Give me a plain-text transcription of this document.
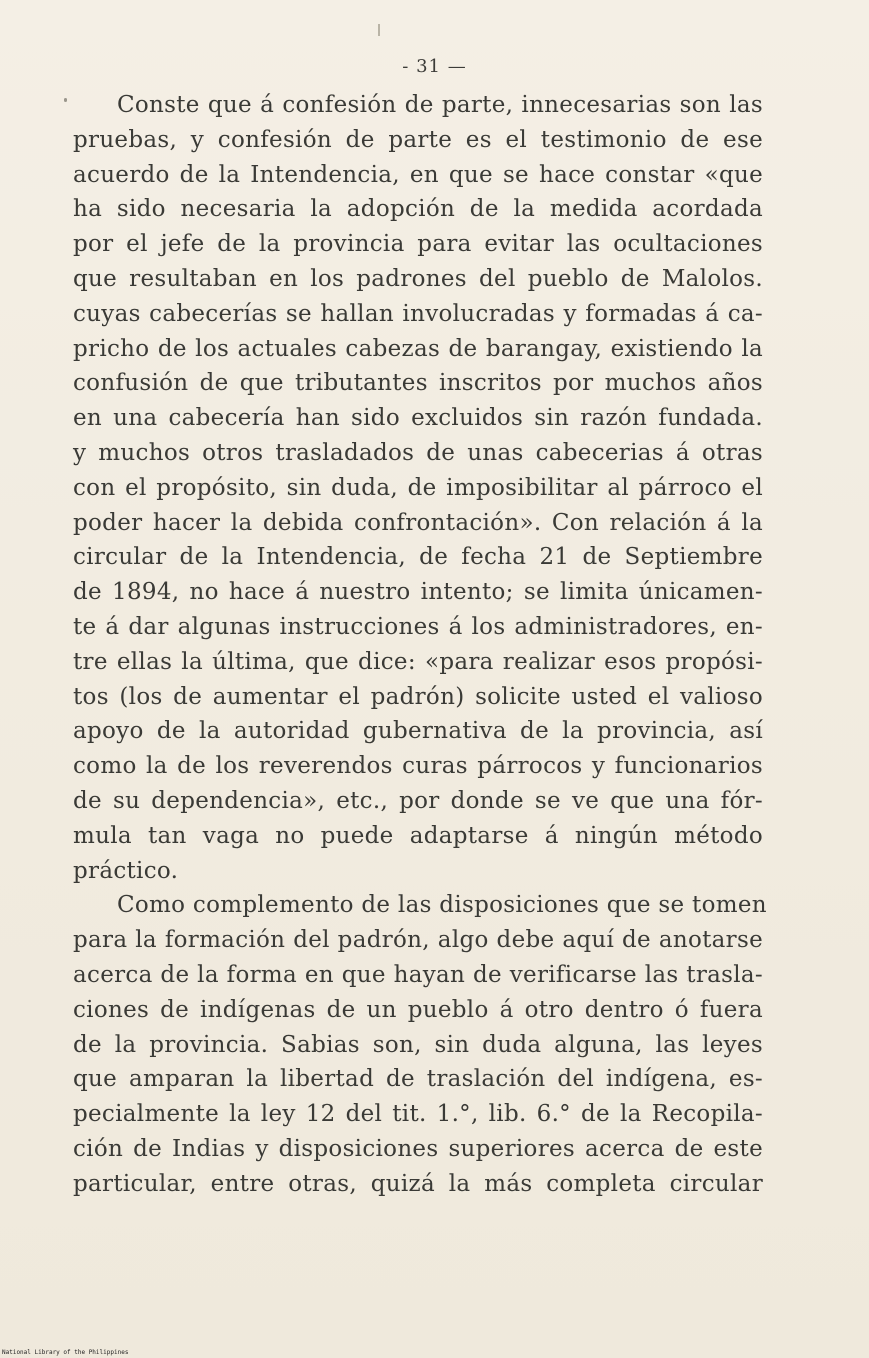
- 31 —
Conste que á confesión de parte, innecesarias son las
pruebas, y confesión de parte es el testimonio de ese
acuerdo de la Intendencia, en que se hace constar «que
ha sido necesaria la adopción de la medida acordada
por el jefe de la provincia para evitar las ocultaciones
que resultaban en los padrones del pueblo de Malolos.
cuyas cabecerías se hallan involucradas y formadas á ca-
pricho de los actuales cabezas de barangay, existiendo la
confusión de que tributantes inscritos por muchos años
en una cabecería han sido excluidos sin razón fundada.
y muchos otros trasladados de unas cabecerias á otras
con el propósito, sin duda, de imposibilitar al párroco el
poder hacer la debida confrontación». Con relación á la
circular de la Intendencia, de fecha 21 de Septiembre
de 1894, no hace á nuestro intento; se limita únicamen-
te á dar algunas instrucciones á los administradores, en-
tre ellas la última, que dice: «para realizar esos propósi-
tos (los de aumentar el padrón) solicite usted el valioso
apoyo de la autoridad gubernativa de la provincia, así
como la de los reverendos curas párrocos y funcionarios
de su dependencia», etc., por donde se ve que una fór-
mula tan vaga no puede adaptarse á ningún método
práctico.
Como complemento de las disposiciones que se tomen
para la formación del padrón, algo debe aquí de anotarse
acerca de la forma en que hayan de verificarse las trasla-
ciones de indígenas de un pueblo á otro dentro ó fuera
de la provincia. Sabias son, sin duda alguna, las leyes
que amparan la libertad de traslación del indígena, es-
pecialmente la ley 12 del tit. 1.°, lib. 6.° de la Recopila-
ción de Indias y disposiciones superiores acerca de este
particular, entre otras, quizá la más completa circular
National Library of the Philippines
